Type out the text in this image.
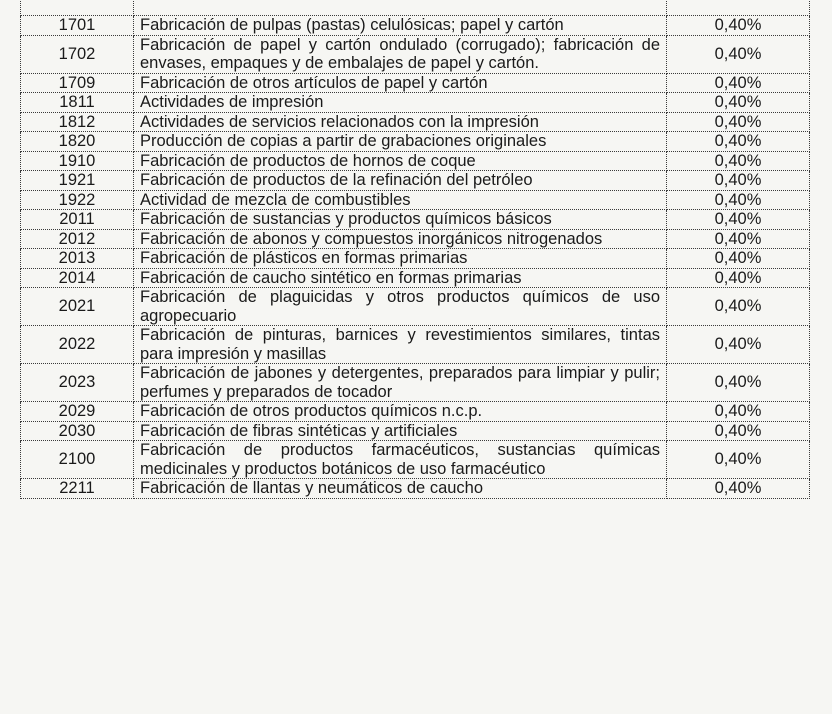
1701	Fabricación de pulpas (pastas) celulósicas; papel y cartón	0,40%
1702	Fabricación de papel y cartón ondulado (corrugado); fabricación de envases, empaques y de embalajes de papel y cartón.	0,40%
1709	Fabricación de otros artículos de papel y cartón	0,40%
1811	Actividades de impresión	0,40%
1812	Actividades de servicios relacionados con la impresión	0,40%
1820	Producción de copias a partir de grabaciones originales	0,40%
1910	Fabricación de productos de hornos de coque	0,40%
1921	Fabricación de productos de la refinación del petróleo	0,40%
1922	Actividad de mezcla de combustibles	0,40%
2011	Fabricación de sustancias y productos químicos básicos	0,40%
2012	Fabricación de abonos y compuestos inorgánicos nitrogenados	0,40%
2013	Fabricación de plásticos en formas primarias	0,40%
2014	Fabricación de caucho sintético en formas primarias	0,40%
2021	Fabricación de plaguicidas y otros productos químicos de uso agropecuario	0,40%
2022	Fabricación de pinturas, barnices y revestimientos similares, tintas para impresión y masillas	0,40%
2023	Fabricación de jabones y detergentes, preparados para limpiar y pulir; perfumes y preparados de tocador	0,40%
2029	Fabricación de otros productos químicos n.c.p.	0,40%
2030	Fabricación de fibras sintéticas y artificiales	0,40%
2100	Fabricación de productos farmacéuticos, sustancias químicas medicinales y productos botánicos de uso farmacéutico	0,40%
2211	Fabricación de llantas y neumáticos de caucho	0,40%
